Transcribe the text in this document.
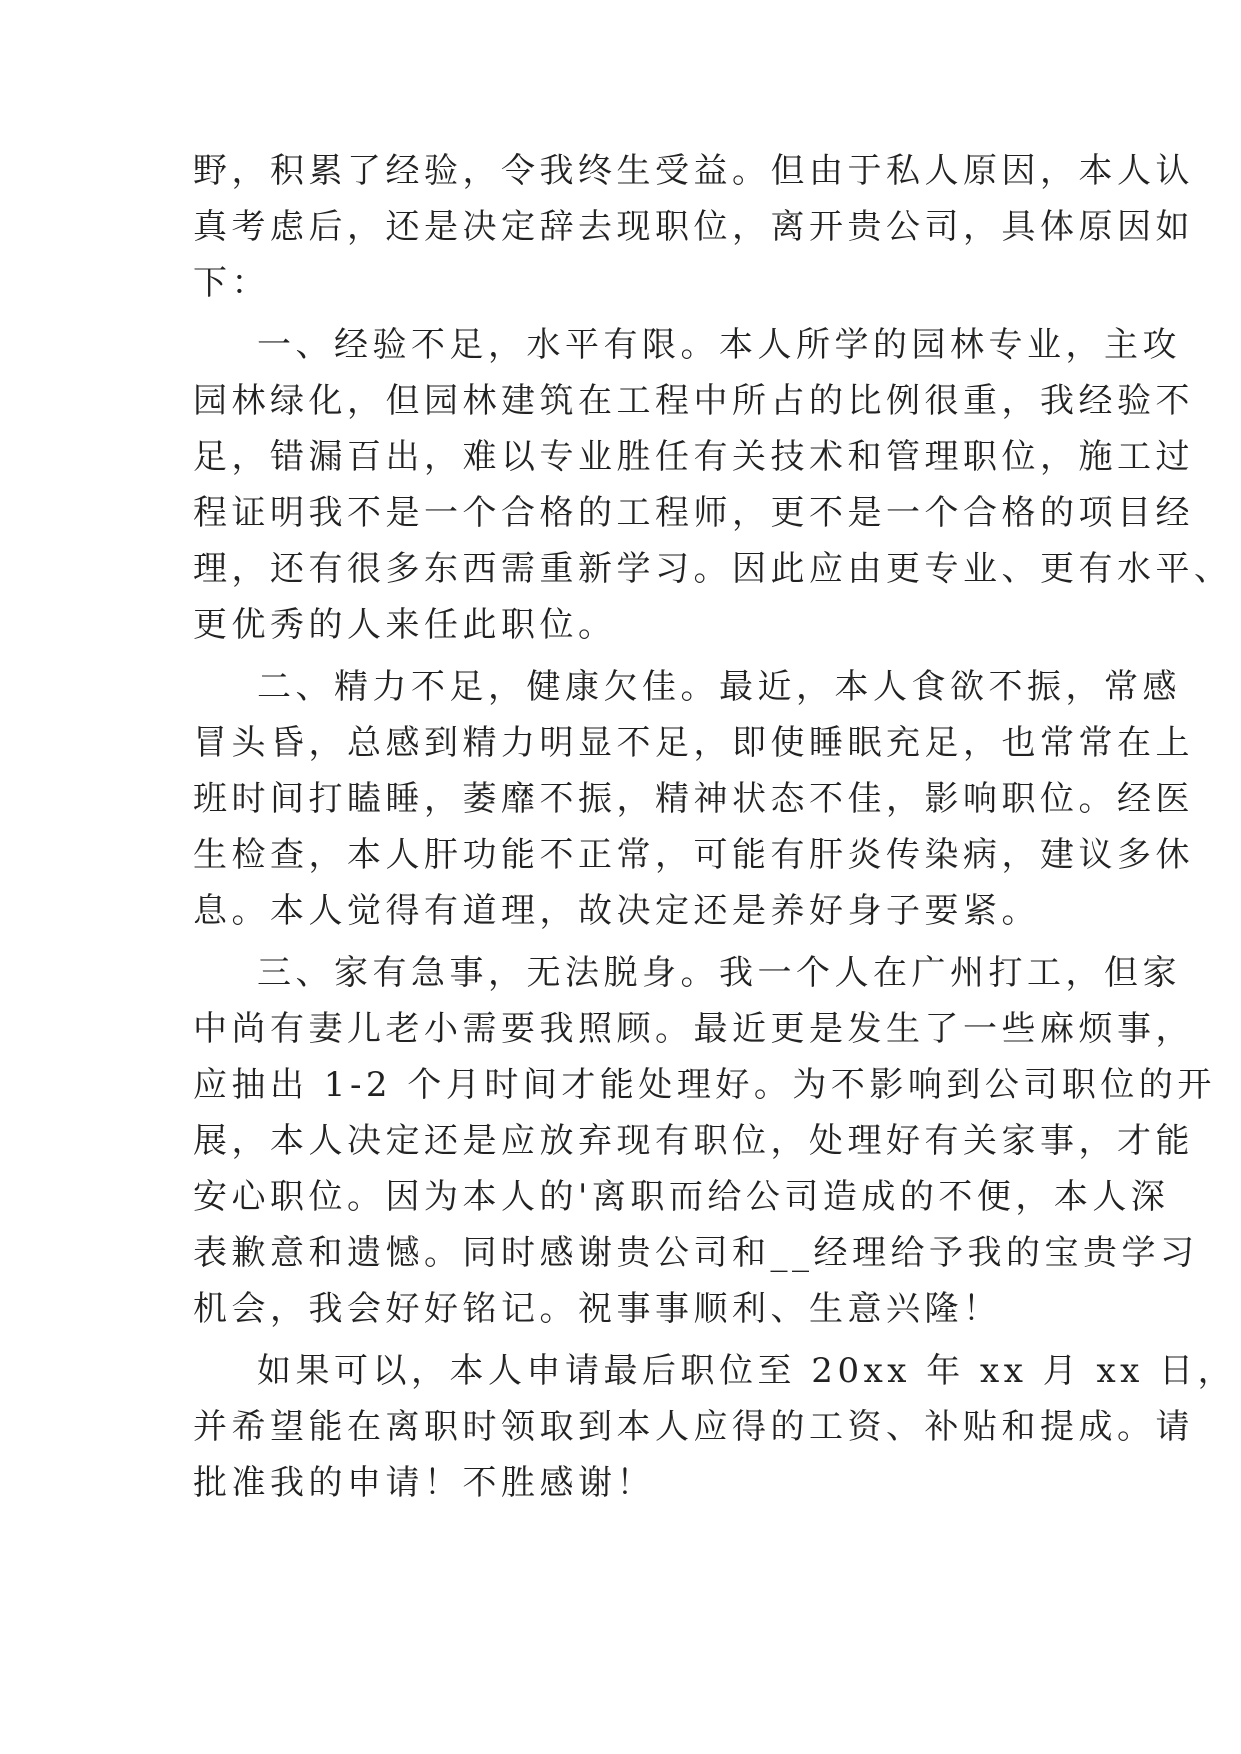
野，积累了经验，令我终生受益。但由于私人原因，本人认

真考虑后，还是决定辞去现职位，离开贵公司，具体原因如

下：

一、经验不足，水平有限。本人所学的园林专业，主攻

园林绿化，但园林建筑在工程中所占的比例很重，我经验不

足，错漏百出，难以专业胜任有关技术和管理职位，施工过

程证明我不是一个合格的工程师，更不是一个合格的项目经

理，还有很多东西需重新学习。因此应由更专业、更有水平、

更优秀的人来任此职位。

二、精力不足，健康欠佳。最近，本人食欲不振，常感

冒头昏，总感到精力明显不足，即使睡眠充足，也常常在上

班时间打瞌睡，萎靡不振，精神状态不佳，影响职位。经医

生检查，本人肝功能不正常，可能有肝炎传染病，建议多休

息。本人觉得有道理，故决定还是养好身子要紧。

三、家有急事，无法脱身。我一个人在广州打工，但家

中尚有妻儿老小需要我照顾。最近更是发生了一些麻烦事，

应抽出 1-2 个月时间才能处理好。为不影响到公司职位的开

展，本人决定还是应放弃现有职位，处理好有关家事，才能

安心职位。因为本人的'离职而给公司造成的不便，本人深

表歉意和遗憾。同时感谢贵公司和__经理给予我的宝贵学习

机会，我会好好铭记。祝事事顺利、生意兴隆！

如果可以，本人申请最后职位至 20xx 年 xx 月 xx 日，

并希望能在离职时领取到本人应得的工资、补贴和提成。请

批准我的申请！不胜感谢！
